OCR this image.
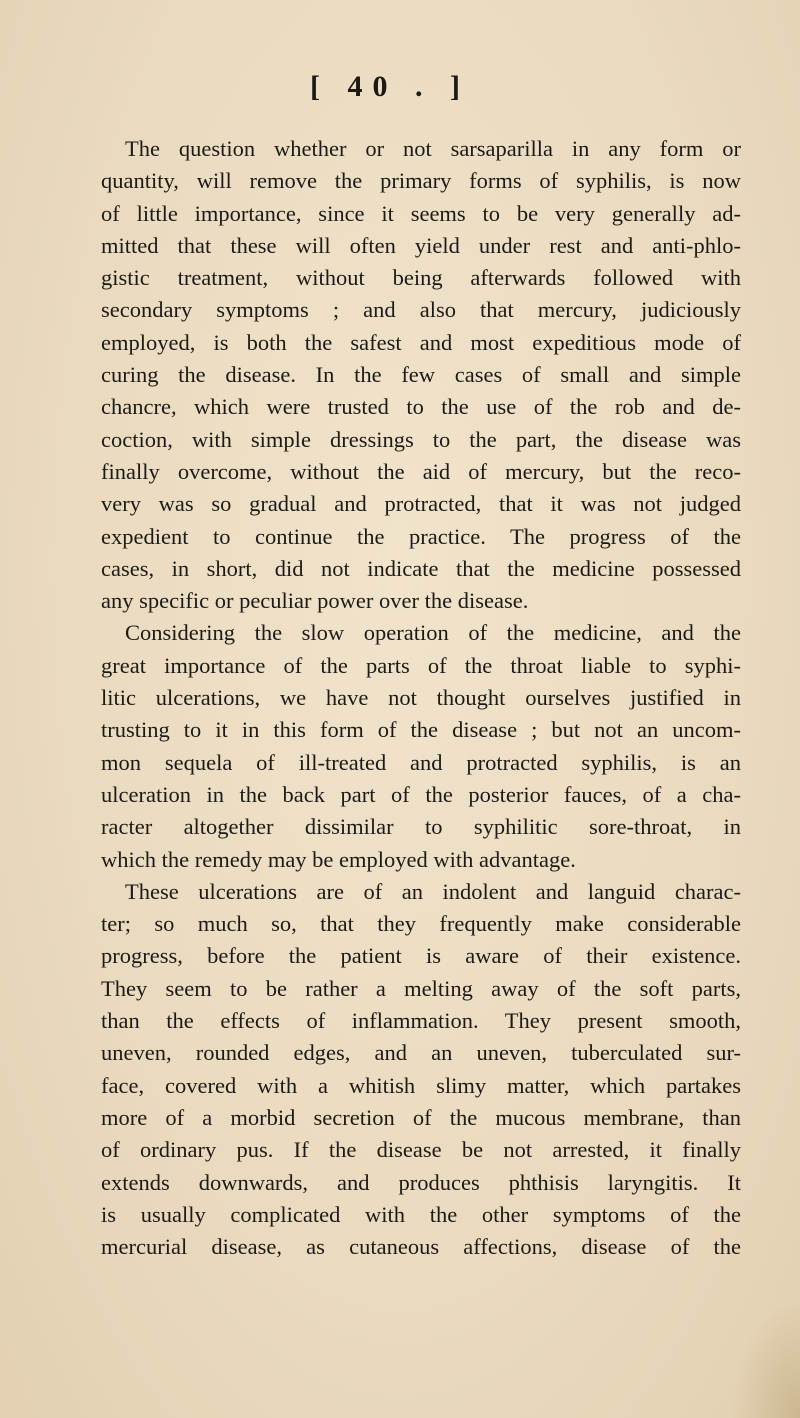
[ 40 . ]
The question whether or not sarsaparilla in any form or
quantity, will remove the primary forms of syphilis, is now
of little importance, since it seems to be very generally ad-
mitted that these will often yield under rest and anti-phlo-
gistic treatment, without being afterwards followed with
secondary symptoms ; and also that mercury, judiciously
employed, is both the safest and most expeditious mode of
curing the disease. In the few cases of small and simple
chancre, which were trusted to the use of the rob and de-
coction, with simple dressings to the part, the disease was
finally overcome, without the aid of mercury, but the reco-
very was so gradual and protracted, that it was not judged
expedient to continue the practice. The progress of the
cases, in short, did not indicate that the medicine possessed
any specific or peculiar power over the disease.
Considering the slow operation of the medicine, and the
great importance of the parts of the throat liable to syphi-
litic ulcerations, we have not thought ourselves justified in
trusting to it in this form of the disease ; but not an uncom-
mon sequela of ill-treated and protracted syphilis, is an
ulceration in the back part of the posterior fauces, of a cha-
racter altogether dissimilar to syphilitic sore-throat, in
which the remedy may be employed with advantage.
These ulcerations are of an indolent and languid charac-
ter; so much so, that they frequently make considerable
progress, before the patient is aware of their existence.
They seem to be rather a melting away of the soft parts,
than the effects of inflammation. They present smooth,
uneven, rounded edges, and an uneven, tuberculated sur-
face, covered with a whitish slimy matter, which partakes
more of a morbid secretion of the mucous membrane, than
of ordinary pus. If the disease be not arrested, it finally
extends downwards, and produces phthisis laryngitis. It
is usually complicated with the other symptoms of the
mercurial disease, as cutaneous affections, disease of the
